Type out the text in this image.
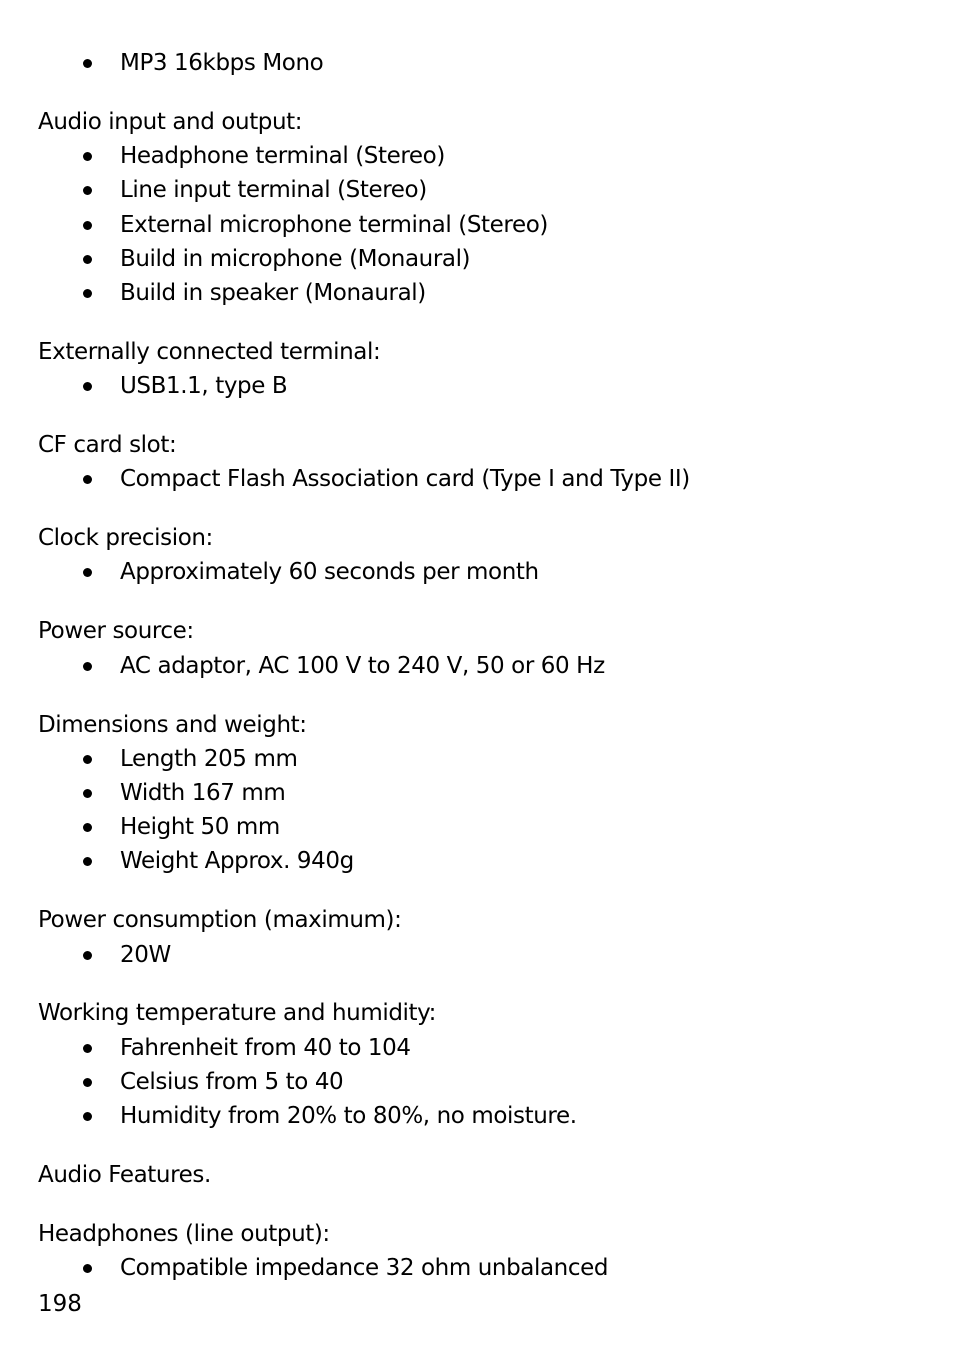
MP3 16kbps Mono
Audio input and output:
Headphone terminal (Stereo)
Line input terminal (Stereo)
External microphone terminal (Stereo)
Build in microphone (Monaural)
Build in speaker (Monaural)
Externally connected terminal:
USB1.1, type B
CF card slot:
Compact Flash Association card (Type I and Type II)
Clock precision:
Approximately 60 seconds per month
Power source:
AC adaptor, AC 100 V to 240 V, 50 or 60 Hz
Dimensions and weight:
Length 205 mm
Width 167 mm
Height 50 mm
Weight Approx. 940g
Power consumption (maximum):
20W
Working temperature and humidity:
Fahrenheit from 40 to 104
Celsius from 5 to 40
Humidity from 20% to 80%, no moisture.
Audio Features.
Headphones (line output):
Compatible impedance 32 ohm unbalanced
198
